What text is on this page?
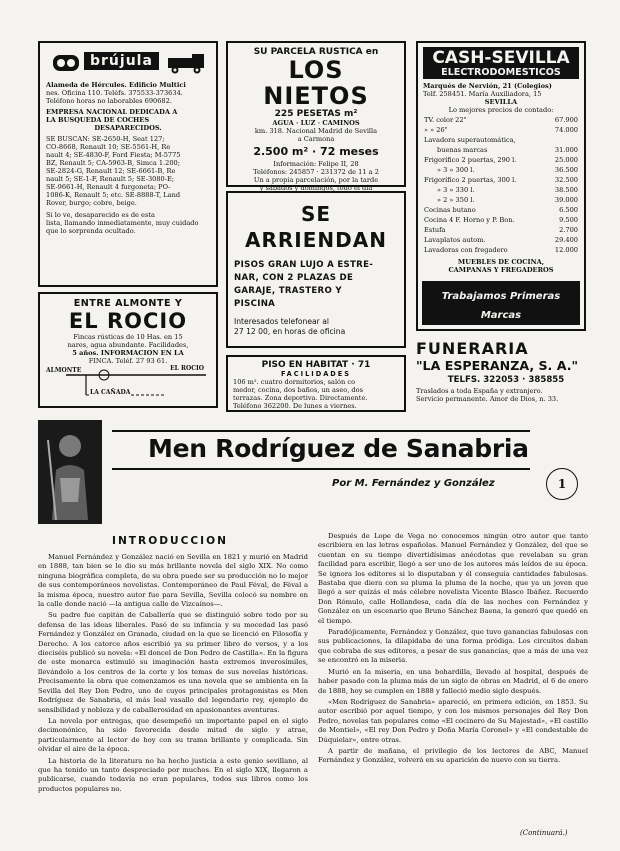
brújula
Alameda de Hércules. Edificio Multici
nes. Oficina 110. Teléfs. 375533-373634.
Teléfono horas no laborables 690682.
EMPRESA NACIONAL DEDICADA A
LA BUSQUEDA DE COCHES
DESAPARECIDOS.
SE BUSCAN: SE-2650-H, Seat 127;
CO-8668, Renault 10; SE-5561-H, Re
nault 4; SE-4830-F, Ford Fiesta; M-5775
BZ, Renault 5; CA-5963-B, Simca 1.200;
SE-2824-G, Renault 12; SE-6661-B, Re
nault 5; SE-1-F, Renault 5; SE-3080-E;
SE-9661-H, Renault 4 furgoneta; PO-
1086-K, Renault 5; etc. SE-8888-T, Land
Rover, burgo; cobre, beige.
Si lo ve, desaparecido es de esta
lista, llamando inmediatamente, muy cuidado
que lo sorprenda ocultado.
SU PARCELA RUSTICA en
LOS NIETOS
225 PESETAS m²
AGUA · LUZ · CAMINOS
km. 318. Nacional Madrid de Sevilla
a Carmona
2.500 m² · 72 meses
Información: Felipe II, 28
Teléfonos: 245857 · 231372 de 11 a 2
Un a propia parcelación, por la tarde
y sábados y domingos, todo el día
CASH-SEVILLA
ELECTRODOMESTICOS
Marqués de Nervión, 21 (Colegios)
Telf. 258451. María Auxiliadora, 15
SEVILLA
Lo mejores precios de contado:
TV. color 22"	67.900
» » 26"	74.000
Lavadora superautomática,	
buenas marcas	31.000
Frigorífico 2 puertas, 290 l.	25.000
» 3 » 300 l.	36.500
Frigorífico 2 puertas, 300 l.	32.500
» 3 » 330 l.	38.500
» 2 » 350 l.	39.000
Cocinas butano	6.500
Cocina 4 F. Horno y P. Bon.	9.500
Estufa	2.700
Lavaplatos autom.	29.400
Lavadoras con fregadero	12.000
MUEBLES DE COCINA,
CAMPANAS Y FREGADEROS
Trabajamos Primeras Marcas
SE ARRIENDAN
PISOS GRAN LUJO A ESTRE-
NAR, CON 2 PLAZAS DE
GARAJE, TRASTERO Y
PISCINA
Interesados telefonear al
27 12 00, en horas de oficina
ENTRE ALMONTE Y
EL ROCIO
Fincas rústicas de 10 Has. en 15
nares, agua abundante. Facilidades,
5 años. INFORMACION EN LA
FINCA. Teléf. 27 93 61.
ALMONTE	EL ROCIO
LA CAÑADA
PISO EN HABITAT · 71
FACILIDADES
106 m². cuatro dormitorios, salón co
medor, cocina, dos baños, un aseo, dos
terrazas. Zona deportiva. Directamente.
Teléfono 362200. De lunes a viernes.
FUNERARIA
"LA ESPERANZA, S. A."
TELFS. 322053 · 385855
Traslados a toda España y extranjero.
Servicio permanente. Amor de Dios, n. 33.
Men Rodríguez de Sanabria
Por M. Fernández y González	1
INTRODUCCION

Manuel Fernández y González nació en Sevilla en 1821 y murió en Madrid en 1888, tan bien se le dio su más brillante novela del siglo XIX. No como ninguna biográfica completa, de su obra puede ser su producción no lo mejor de sus contemporáneos novelistas. Contemporáneo de Paul Féval, de Féval a la misma época, nuestro autor fue para Sevilla, Sevilla colocó su nombre en la calle donde nació —la antigua calle de Vizcaínos—.

Su padre fue capitán de Caballería que se distinguió sobre todo por su defensa de las ideas liberales. Pasó de su infancia y su mocedad las pasó Fernández y González en Granada, ciudad en la que se licenció en Filosofía y Derecho. A los catorce años escribió ya su primer libro de versos, y a los dieciséis publicó su novela: «El doncel de Don Pedro de Castilla». En la figura de este monarca estimuló su imaginación hasta extremos inverosímiles, llevándolo a los centros de la corte y los temas de sus novelas históricas. Precisamente la obra que comenzamos es una novela que se ambienta en la Sevilla del Rey Don Pedro, uno de cuyos principales protagonistas es Men Rodríguez de Sanabria, el más leal vasallo del legendario rey, ejemplo de sensibilidad y nobleza y de caballerosidad en apasionantes aventuras.

La novela por entregas, que desempeñó un importante papel en el siglo decimonónico, ha sido favorecida desde mitad de siglo y atrae, particularmente al lector de hoy con su trama brillante y complicada. Sin olvidar el aire de la época.

La historia de la literatura no ha hecho justicia a este genio sevillano, al que ha tenido un tanto despreciado por muchos. En el siglo XIX, llegaron a publicarse, cuando todavía no eran populares, todos sus libros como los productos populares no.

Después de Lope de Vega no conocemos ningún otro autor que tanto escribiera en las letras españolas. Manuel Fernández y González, del que se cuentan en su tiempo divertidísimas anécdotas que revelaban su gran facilidad para escribir, llegó a ser uno de los autores más leídos de su época. Se ignora los editores si lo disputaban y él conseguía cantidades fabulosas. Bastaba que diera con su pluma la pluma de la noche, que ya un joven que llegó a ser quizás el más célebre novelista Vicente Blasco Ibáñez. Recuerdo Don Rómulo, calle Hollandesa, cada día de las noches con Fernández y González en un escenario que Bruno Sánchez Baena, la generó que quedó en el tiempo.

Paradójicamente, Fernández y González, que tuvo ganancias fabulosas con sus publicaciones, la dilapidaba de una forma pródiga. Los circuitos daban que cobraba de sus editores, a pesar de sus ganancias, que a más de una vez se encontró en la miseria.

Murió en la miseria, en una bohardilla, llevado al hospital, después de haber pasado con la pluma más de un siglo de obras en Madrid, el 6 de enero de 1888, hoy se cumplen en 1888 y falleció medio siglo después.

«Men Rodríguez de Sanabria» apareció, en primera edición, en 1853. Su autor escribió por aquel tiempo, y con los mismos personajes del Rey Don Pedro, novelas tan populares como «El cocinero de Su Majestad», «El castillo de Montiel», «El rey Don Pedro y Doña María Coronel» y «El condestable de Dúquielar», entre otras.

A partir de mañana, el privilegio de los lectores de ABC, Manuel Fernández y González, volverá en su aparición de nuevo con su tierra.

(Continuará.)
